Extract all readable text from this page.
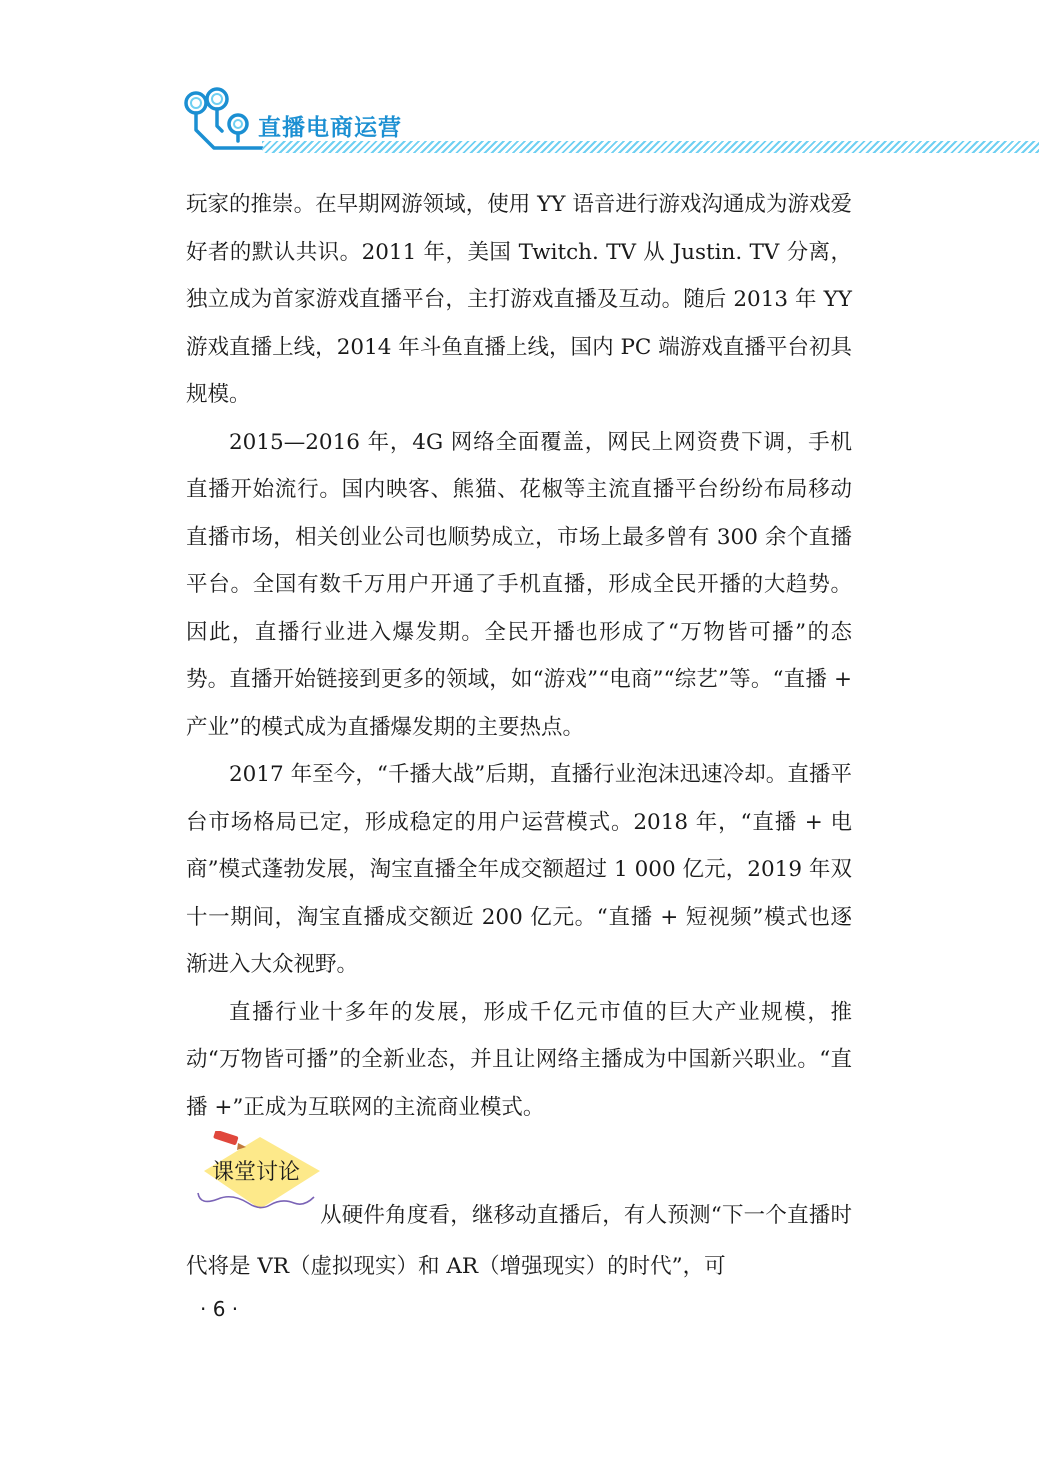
直播电商运营

玩家的推崇。在早期网游领域，使用 YY 语音进行游戏沟通成为游戏爱好者的默认共识。2011 年，美国 Twitch. TV 从 Justin. TV 分离，独立成为首家游戏直播平台，主打游戏直播及互动。随后 2013 年 YY 游戏直播上线，2014 年斗鱼直播上线，国内 PC 端游戏直播平台初具规模。

2015—2016 年，4G 网络全面覆盖，网民上网资费下调，手机直播开始流行。国内映客、熊猫、花椒等主流直播平台纷纷布局移动直播市场，相关创业公司也顺势成立，市场上最多曾有 300 余个直播平台。全国有数千万用户开通了手机直播，形成全民开播的大趋势。因此，直播行业进入爆发期。全民开播也形成了“万物皆可播”的态势。直播开始链接到更多的领域，如“游戏”“电商”“综艺”等。“直播 + 产业”的模式成为直播爆发期的主要热点。

2017 年至今，“千播大战”后期，直播行业泡沫迅速冷却。直播平台市场格局已定，形成稳定的用户运营模式。2018 年，“直播 + 电商”模式蓬勃发展，淘宝直播全年成交额超过 1 000 亿元，2019 年双十一期间，淘宝直播成交额近 200 亿元。“直播 + 短视频”模式也逐渐进入大众视野。

直播行业十多年的发展，形成千亿元市值的巨大产业规模，推动“万物皆可播”的全新业态，并且让网络主播成为中国新兴职业。“直播 +”正成为互联网的主流商业模式。

课堂讨论

从硬件角度看，继移动直播后，有人预测“下一个直播时代将是 VR（虚拟现实）和 AR（增强现实）的时代”，可

· 6 ·
